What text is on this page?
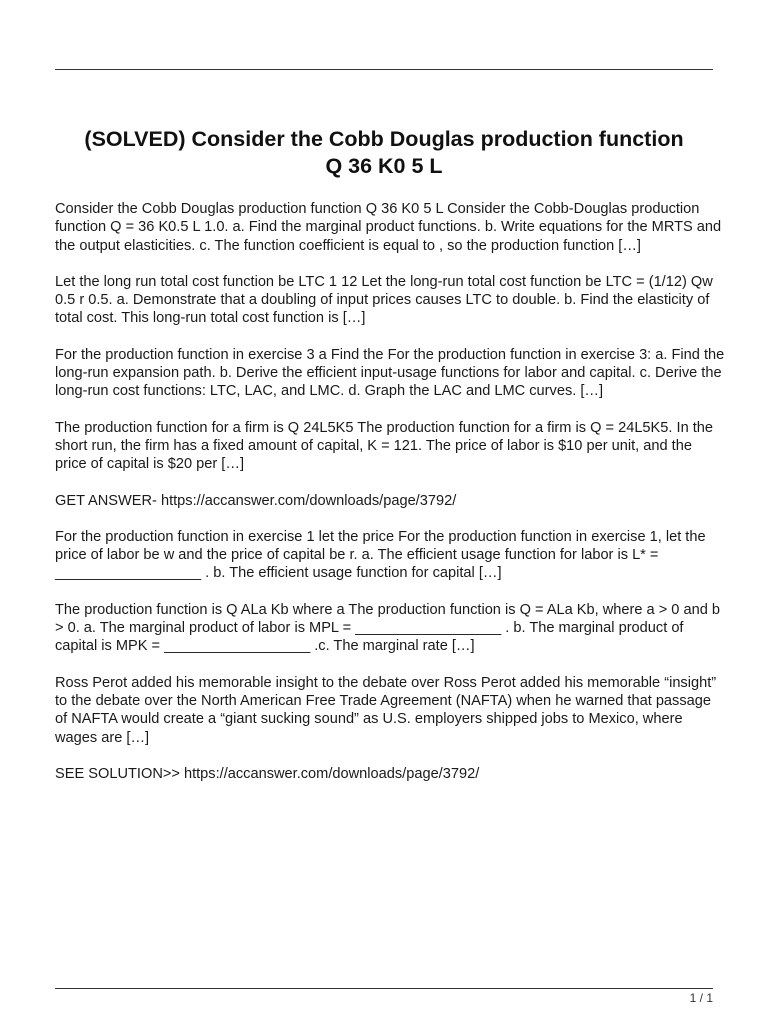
(SOLVED) Consider the Cobb Douglas production function
Q 36 K0 5 L

Consider the Cobb Douglas production function Q 36 K0 5 L Consider the Cobb-Douglas production function Q = 36 K0.5 L 1.0. a. Find the marginal product functions. b. Write equations for the MRTS and the output elasticities. c. The function coefficient is equal to , so the production function […]

Let the long run total cost function be LTC 1 12 Let the long-run total cost function be LTC = (1/12) Qw 0.5 r 0.5. a. Demonstrate that a doubling of input prices causes LTC to double. b. Find the elasticity of total cost. This long-run total cost function is […]

For the production function in exercise 3 a Find the For the production function in exercise 3: a. Find the long-run expansion path. b. Derive the efficient input-usage functions for labor and capital. c. Derive the long-run cost functions: LTC, LAC, and LMC. d. Graph the LAC and LMC curves. […]

The production function for a firm is Q 24L5K5 The production function for a firm is Q = 24L5K5. In the short run, the firm has a fixed amount of capital, K = 121. The price of labor is $10 per unit, and the price of capital is $20 per […]

GET ANSWER- https://accanswer.com/downloads/page/3792/

For the production function in exercise 1 let the price For the production function in exercise 1, let the price of labor be w and the price of capital be r. a. The efficient usage function for labor is L* = __________________ . b. The efficient usage function for capital […]

The production function is Q ALa Kb where a The production function is Q = ALa Kb, where a > 0 and b > 0. a. The marginal product of labor is MPL = __________________ . b. The marginal product of capital is MPK = __________________ .c. The marginal rate […]

Ross Perot added his memorable insight to the debate over Ross Perot added his memorable “insight” to the debate over the North American Free Trade Agreement (NAFTA) when he warned that passage of NAFTA would create a “giant sucking sound” as U.S. employers shipped jobs to Mexico, where wages are […]

SEE SOLUTION>> https://accanswer.com/downloads/page/3792/

1 / 1
